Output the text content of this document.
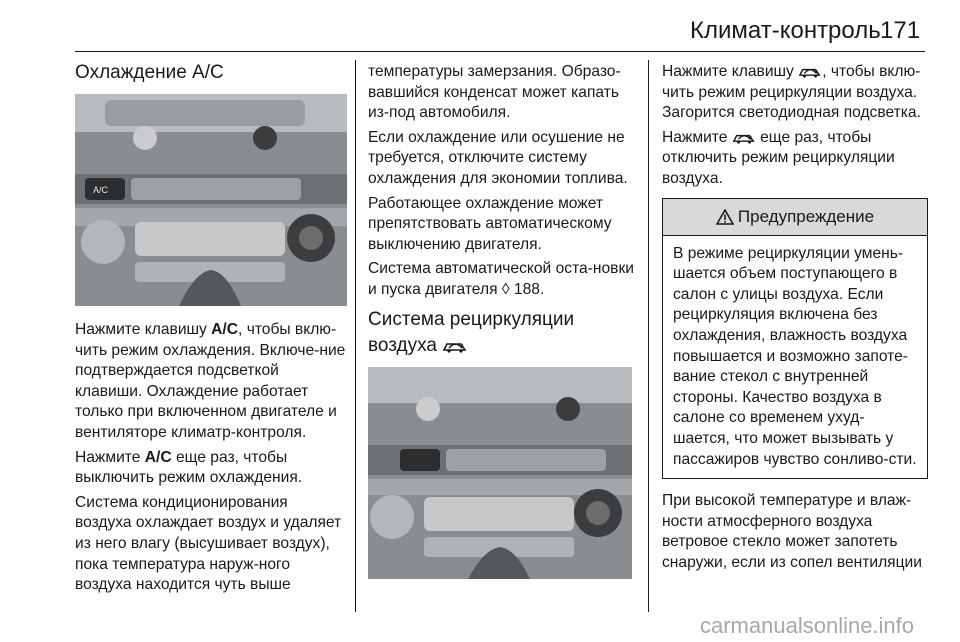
Климат-контроль 171
Охлаждение A/C
A/C

Нажмите клавишу A/C, чтобы вклю-чить режим охлаждения. Включе-ние подтверждается подсветкой клавиши. Охлаждение работает только при включенном двигателе и вентиляторе климатр-контроля.

Нажмите A/C еще раз, чтобы выключить режим охлаждения.

Система кондиционирования воздуха охлаждает воздух и удаляет из него влагу (высушивает воздух), пока температура наруж-ного воздуха находится чуть выше

температуры замерзания. Образо-вавшийся конденсат может капать из-под автомобиля.

Если охлаждение или осушение не требуется, отключите систему охлаждения для экономии топлива.

Работающее охлаждение может препятствовать автоматическому выключению двигателя.

Система автоматической оста-новки и пуска двигателя ◊ 188.

Система рециркуляции
воздуха

Нажмите клавишу , чтобы вклю-чить режим рециркуляции воздуха. Загорится светодиодная подсветка.

Нажмите еще раз, чтобы отключить режим рециркуляции воздуха.

Предупреждение
В режиме рециркуляции умень-шается объем поступающего в салон с улицы воздуха. Если рециркуляция включена без охлаждения, влажность воздуха повышается и возможно запоте-вание стекол с внутренней стороны. Качество воздуха в салоне со временем ухуд-шается, что может вызывать у пассажиров чувство сонливо-сти.

При высокой температуре и влаж-ности атмосферного воздуха ветровое стекло может запотеть снаружи, если из сопел вентиляции

carmanualsonline.info
